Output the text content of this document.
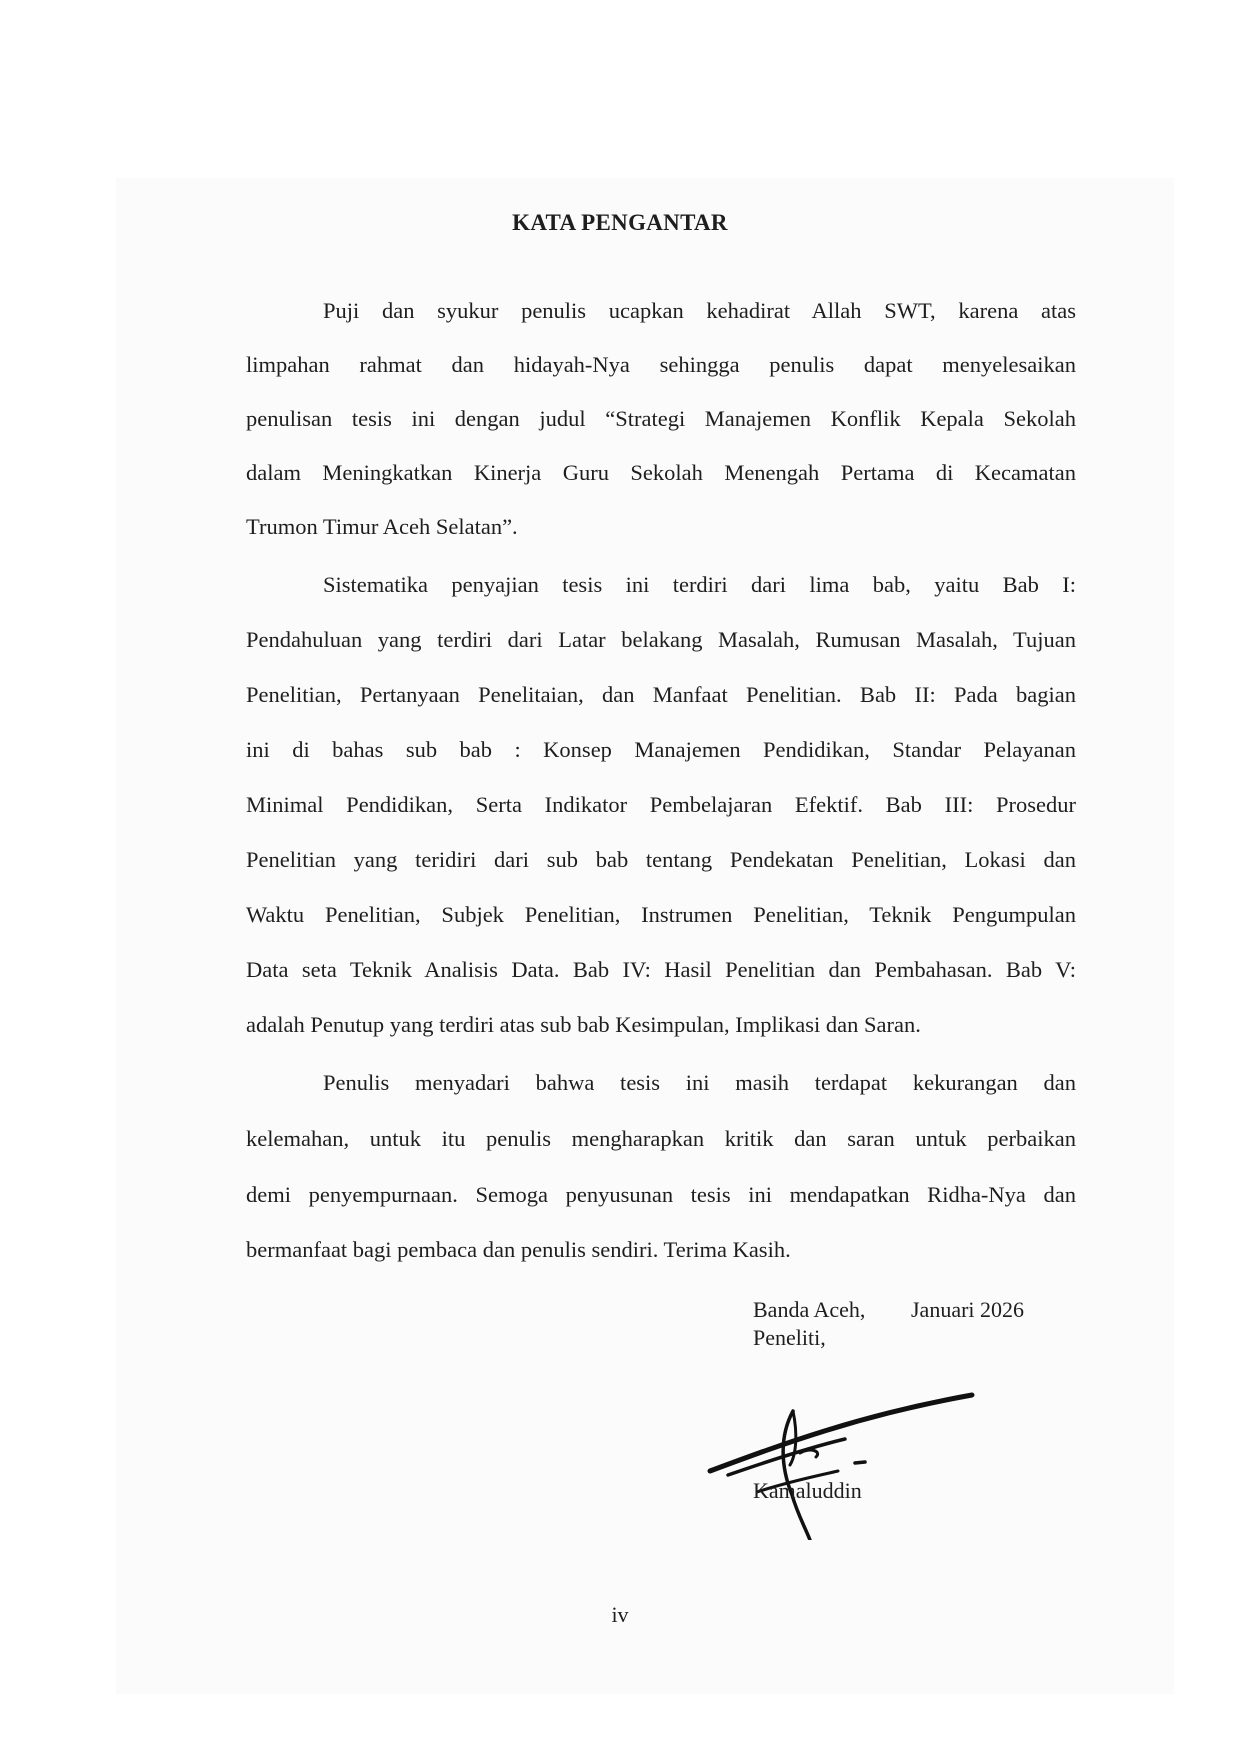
KATA PENGANTAR
Puji dan syukur penulis ucapkan kehadirat Allah SWT, karena atas
limpahan rahmat dan hidayah-Nya sehingga penulis dapat menyelesaikan
penulisan tesis ini dengan judul “Strategi Manajemen Konflik Kepala Sekolah
dalam Meningkatkan Kinerja Guru Sekolah Menengah Pertama di Kecamatan
Trumon Timur Aceh Selatan”.
Sistematika penyajian tesis ini terdiri dari lima bab, yaitu Bab I:
Pendahuluan yang terdiri dari Latar belakang Masalah, Rumusan Masalah, Tujuan
Penelitian, Pertanyaan Penelitaian, dan Manfaat Penelitian. Bab II: Pada bagian
ini di bahas sub bab : Konsep Manajemen Pendidikan, Standar Pelayanan
Minimal Pendidikan, Serta Indikator Pembelajaran Efektif. Bab III: Prosedur
Penelitian yang teridiri dari sub bab tentang Pendekatan Penelitian, Lokasi dan
Waktu Penelitian, Subjek Penelitian, Instrumen Penelitian, Teknik Pengumpulan
Data seta Teknik Analisis Data. Bab IV: Hasil Penelitian dan Pembahasan. Bab V:
adalah Penutup yang terdiri atas sub bab Kesimpulan, Implikasi dan Saran.
Penulis menyadari bahwa tesis ini masih terdapat kekurangan dan
kelemahan, untuk itu penulis mengharapkan kritik dan saran untuk perbaikan
demi penyempurnaan. Semoga penyusunan tesis ini mendapatkan Ridha-Nya dan
bermanfaat bagi pembaca dan penulis sendiri. Terima Kasih.
Banda Aceh, Januari 2026
Peneliti,
Kamaluddin
iv
